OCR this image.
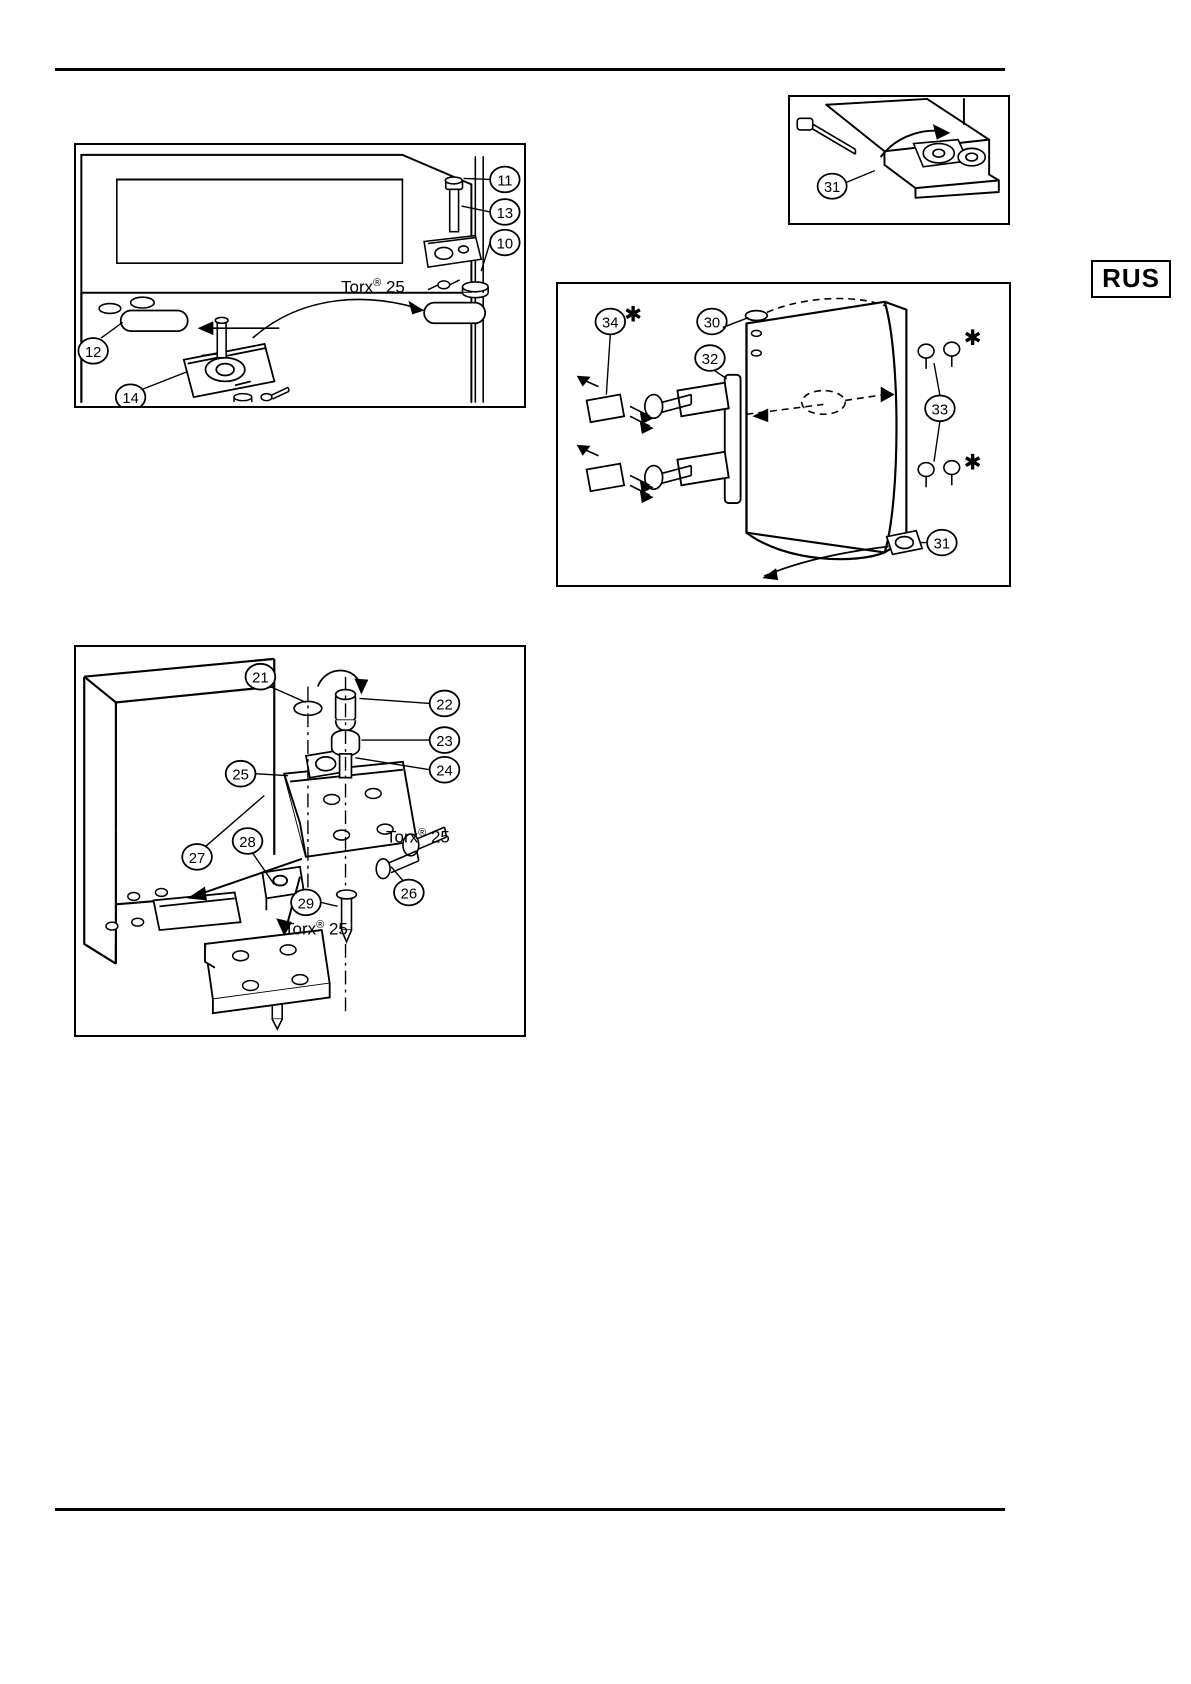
RUS
11
13
10
12
14
Torx® 25
31
34	30
32
33
31
✱
✱
✱
21
22
23
24
25
26
27
28
29
Torx® 25
Torx® 25
